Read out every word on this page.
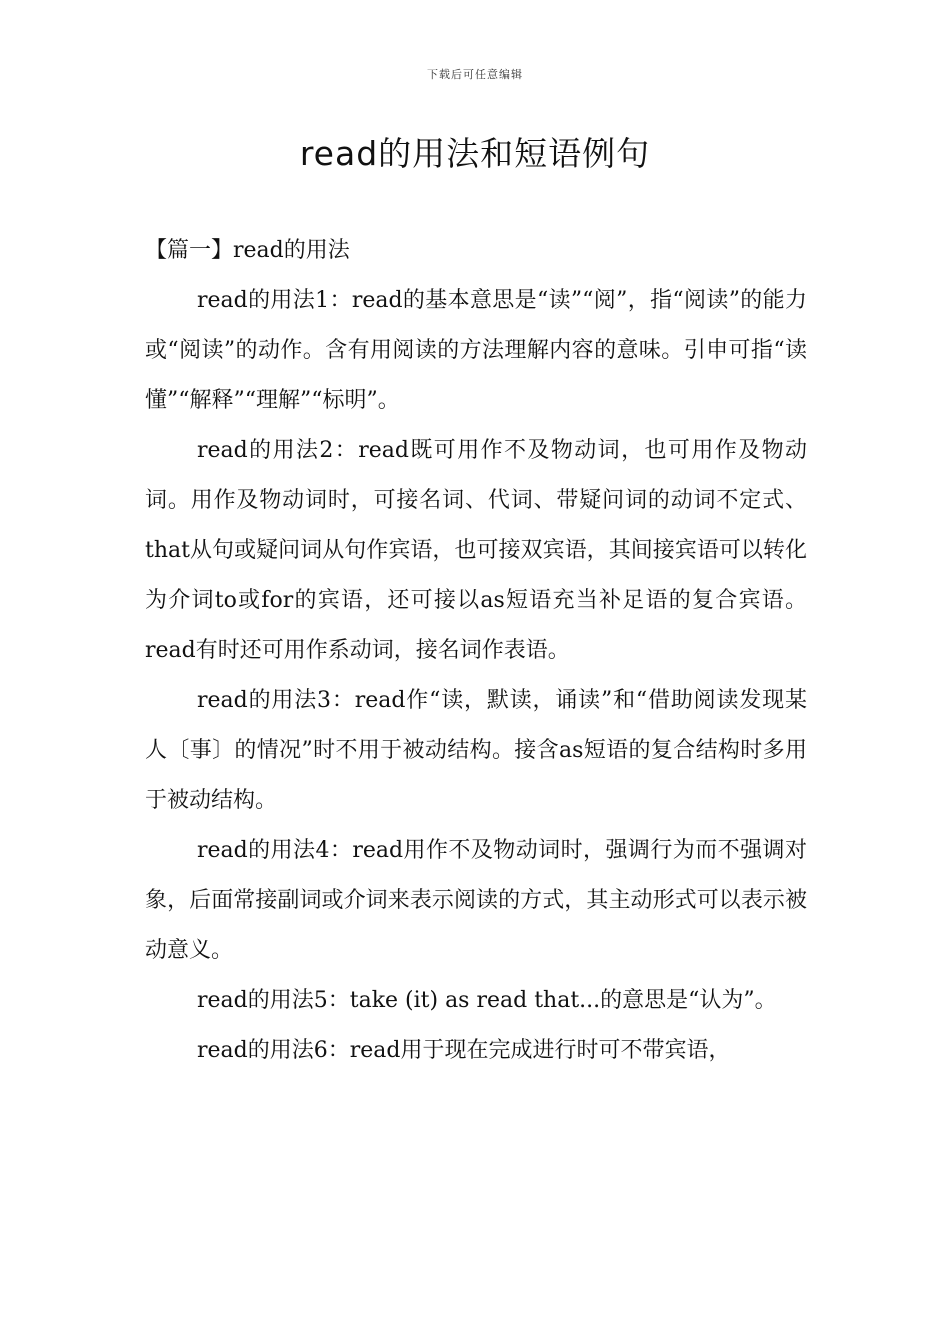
下载后可任意编辑
read的用法和短语例句

【篇一】read的用法

read的用法1：read的基本意思是“读”“阅”，指“阅读”的能力或“阅读”的动作。含有用阅读的方法理解内容的意味。引申可指“读懂”“解释”“理解”“标明”。

read的用法2：read既可用作不及物动词，也可用作及物动词。用作及物动词时，可接名词、代词、带疑问词的动词不定式、that从句或疑问词从句作宾语，也可接双宾语，其间接宾语可以转化为介词to或for的宾语，还可接以as短语充当补足语的复合宾语。read有时还可用作系动词，接名词作表语。

read的用法3：read作“读，默读，诵读”和“借助阅读发现某人〔事〕的情况”时不用于被动结构。接含as短语的复合结构时多用于被动结构。

read的用法4：read用作不及物动词时，强调行为而不强调对象，后面常接副词或介词来表示阅读的方式，其主动形式可以表示被动意义。

read的用法5：take (it) as read that...的意思是“认为”。

read的用法6：read用于现在完成进行时可不带宾语，
